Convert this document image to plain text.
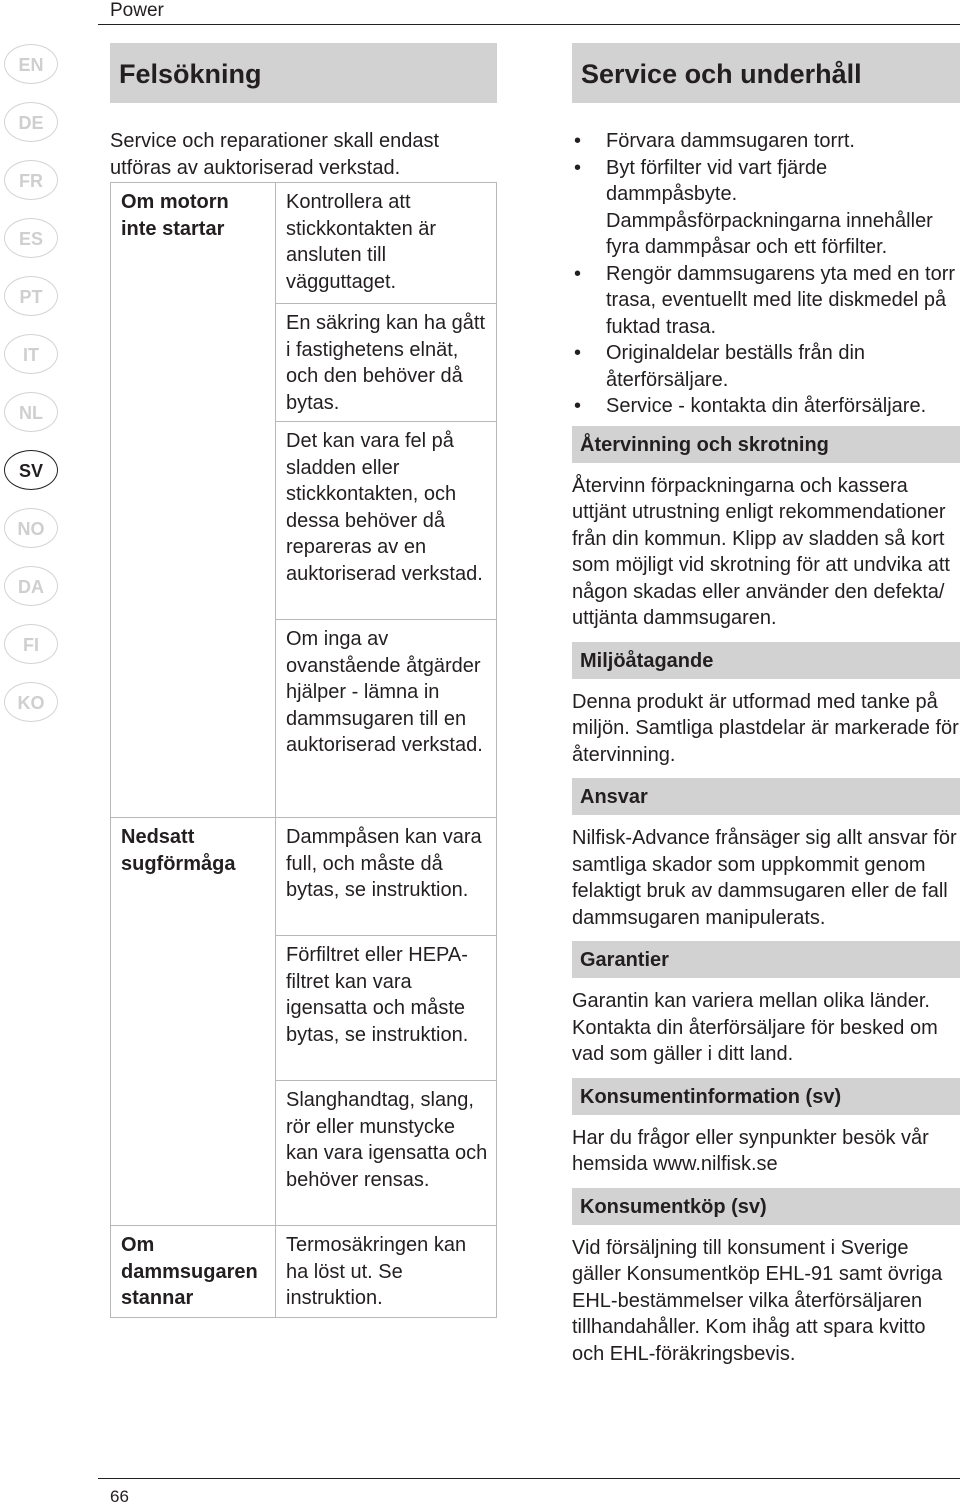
Power
EN
DE
FR
ES
PT
IT
NL
SV
NO
DA
FI
KO
Felsökning
Service och reparationer skall endast utföras av auktoriserad verkstad.
Om motorn inte startar	Kontrollera att stickkontakten är ansluten till vägguttaget.
	En säkring kan ha gått i fastighetens elnät, och den behöver då bytas.
	Det kan vara fel på sladden eller stickkontakten, och dessa behöver då repareras av en auktoriserad verkstad.
	Om inga av ovanstående åtgärder hjälper - lämna in dammsugaren till en auktoriserad verkstad.
Nedsatt sugförmåga	Dammpåsen kan vara full, och måste då bytas, se instruktion.
	Förfiltret eller HEPA-filtret kan vara igensatta och måste bytas, se instruktion.
	Slanghandtag, slang, rör eller munstycke kan vara igensatta och behöver rensas.
Om dammsugaren stannar	Termosäkringen kan ha löst ut. Se instruktion.
Service och underhåll
• Förvara dammsugaren torrt.
• Byt förfilter vid vart fjärde dammpåsbyte. Dammpåsförpackningarna innehåller fyra dammpåsar och ett förfilter.
• Rengör dammsugarens yta med en torr trasa, eventuellt med lite diskmedel på fuktad trasa.
• Originaldelar beställs från din återförsäljare.
• Service - kontakta din återförsäljare.
Återvinning och skrotning

Återvinn förpackningarna och kassera uttjänt utrustning enligt rekommendationer från din kommun. Klipp av sladden så kort som möjligt vid skrotning för att undvika att någon skadas eller använder den defekta/ uttjänta dammsugaren.

Miljöåtagande

Denna produkt är utformad med tanke på miljön. Samtliga plastdelar är markerade för återvinning.

Ansvar

Nilfisk-Advance frånsäger sig allt ansvar för samtliga skador som uppkommit genom felaktigt bruk av dammsugaren eller de fall dammsugaren manipulerats.

Garantier

Garantin kan variera mellan olika länder. Kontakta din återförsäljare för besked om vad som gäller i ditt land.

Konsumentinformation (sv)

Har du frågor eller synpunkter besök vår hemsida www.nilfisk.se

Konsumentköp (sv)

Vid försäljning till konsument i Sverige gäller Konsumentköp EHL-91 samt övriga EHL-bestämmelser vilka återförsäljaren tillhandahåller. Kom ihåg att spara kvitto och EHL-föräkringsbevis.

66
